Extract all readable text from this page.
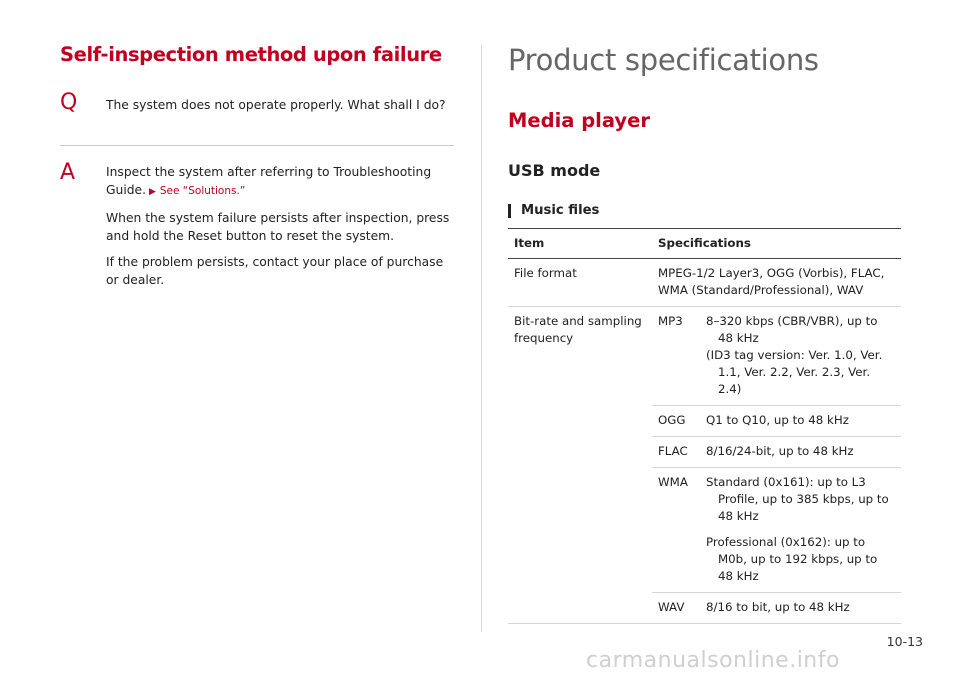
Self-inspection method upon failure
Q The system does not operate properly. What shall I do?
A	Inspect the system after referring to Troubleshooting Guide. ▶ See “Solutions.”

When the system failure persists after inspection, press and hold the Reset button to reset the system.

If the problem persists, contact your place of purchase or dealer.

Product specifications
Media player
USB mode
Music files
Item	Specifications	
File format	MPEG-1/2 Layer3, OGG (Vorbis), FLAC, WMA (Standard/Professional), WAV	
Bit-rate and sampling frequency	MP3	8–320 kbps (CBR/VBR), up to 48 kHz
(ID3 tag version: Ver. 1.0, Ver. 1.1, Ver. 2.2, Ver. 2.3, Ver. 2.4)

	OGG	Q1 to Q10, up to 48 kHz
	FLAC	8/16/24-bit, up to 48 kHz
	WMA	Standard (0x161): up to L3 Profile, up to 385 kbps, up to 48 kHz
Professional (0x162): up to M0b, up to 192 kbps, up to 48 kHz

	WAV	8/16 to bit, up to 48 kHz
10-13
carmanualsonline.info
